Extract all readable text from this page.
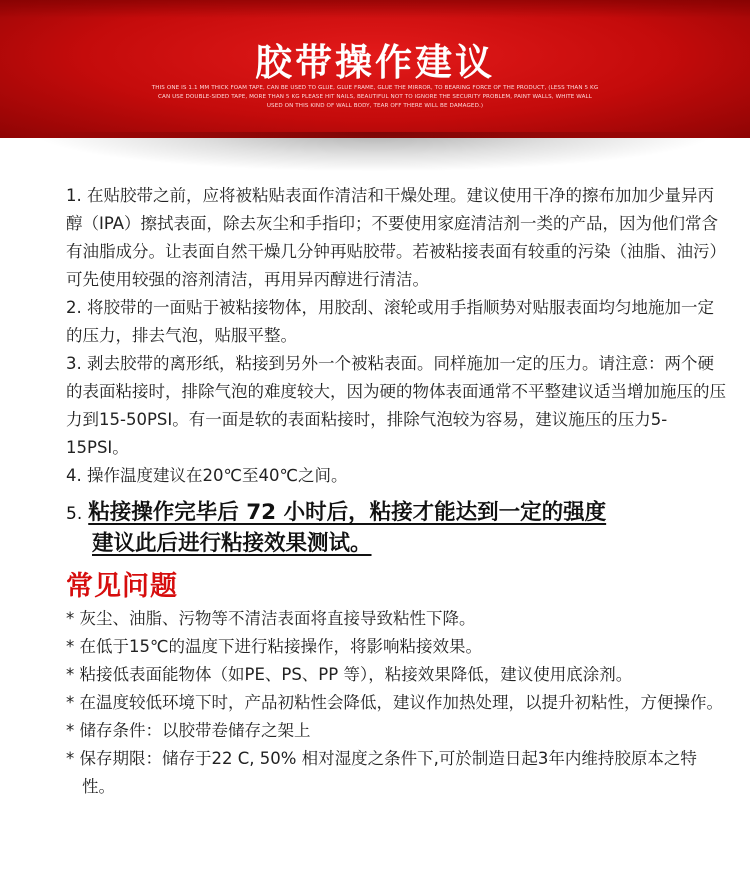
胶带操作建议
THIS ONE IS 1.1 MM THICK FOAM TAPE, CAN BE USED TO GLUE, GLUE FRAME, GLUE THE MIRROR, TO BEARING FORCE OF THE PRODUCT, (LESS THAN 5 KG CAN USE DOUBLE-SIDED TAPE, MORE THAN 5 KG PLEASE HIT NAILS, BEAUTIFUL NOT TO IGNORE THE SECURITY PROBLEM, PAINT WALLS, WHITE WALL USED ON THIS KIND OF WALL BODY, TEAR OFF THERE WILL BE DAMAGED.)

1. 在贴胶带之前，应将被粘贴表面作清洁和干燥处理。建议使用干净的擦布加加少量异丙醇（IPA）擦拭表面，除去灰尘和手指印；不要使用家庭清洁剂一类的产品，因为他们常含有油脂成分。让表面自然干燥几分钟再贴胶带。若被粘接表面有较重的污染（油脂、油污）可先使用较强的溶剂清洁，再用异丙醇进行清洁。

2. 将胶带的一面贴于被粘接物体，用胶刮、滚轮或用手指顺势对贴服表面均匀地施加一定的压力，排去气泡，贴服平整。

3. 剥去胶带的离形纸，粘接到另外一个被粘表面。同样施加一定的压力。请注意：两个硬的表面粘接时，排除气泡的难度较大，因为硬的物体表面通常不平整建议适当增加施压的压力到15-50PSI。有一面是软的表面粘接时，排除气泡较为容易，建议施压的压力5-15PSI。

4. 操作温度建议在20℃至40℃之间。

5. 粘接操作完毕后 72 小时后，粘接才能达到一定的强度
建议此后进行粘接效果测试。
常见问题

* 灰尘、油脂、污物等不清洁表面将直接导致粘性下降。

* 在低于15℃的温度下进行粘接操作，将影响粘接效果。

* 粘接低表面能物体（如PE、PS、PP 等），粘接效果降低，建议使用底涂剂。

* 在温度较低环境下时，产品初粘性会降低，建议作加热处理，以提升初粘性，方便操作。

* 储存条件：以胶带卷储存之架上

* 保存期限：储存于22 C, 50% 相对湿度之条件下,可於制造日起3年内维持胶原本之特性。
